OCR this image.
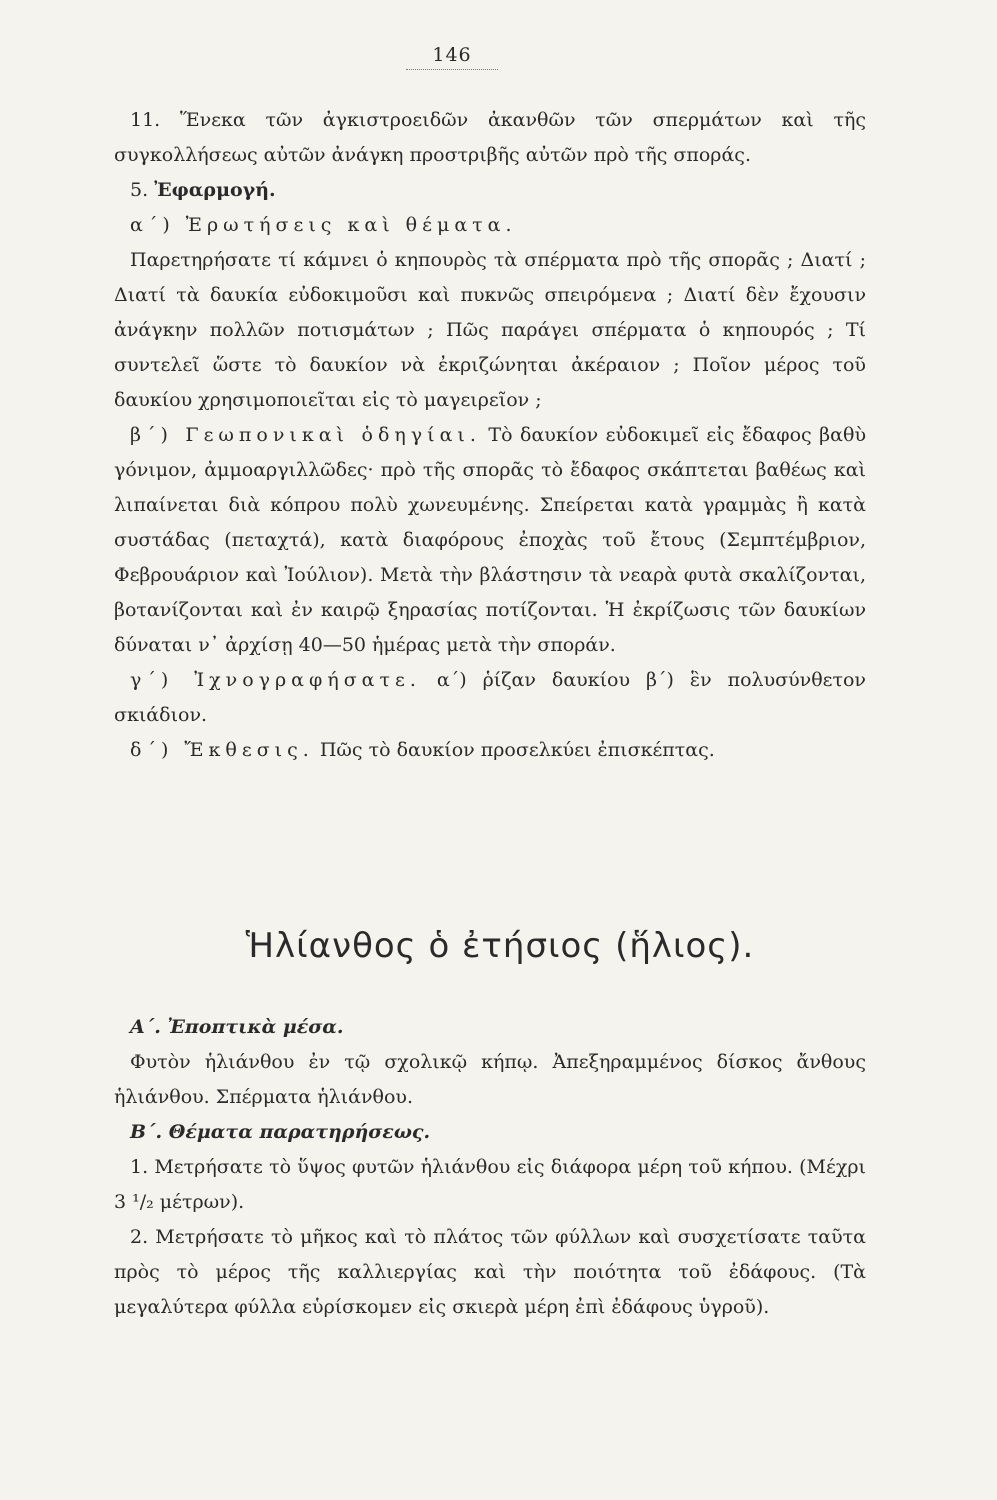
146

11. Ἕνεκα τῶν ἀγκιστροειδῶν ἀκανθῶν τῶν σπερμάτων καὶ τῆς συγκολλήσεως αὐτῶν ἀνάγκη προστριβῆς αὐτῶν πρὸ τῆς σποράς.

5. Ἐφαρμογή.

α΄) Ἐρωτήσεις καὶ θέματα.

Παρετηρήσατε τί κάμνει ὁ κηπουρὸς τὰ σπέρματα πρὸ τῆς σπορᾶς ; Διατί ; Διατί τὰ δαυκία εὐδοκιμοῦσι καὶ πυκνῶς σπειρόμενα ; Διατί δὲν ἔχουσιν ἀνάγκην πολλῶν ποτισμάτων ; Πῶς παράγει σπέρματα ὁ κηπουρός ; Τί συντελεῖ ὥστε τὸ δαυκίον νὰ ἐκριζώνηται ἀκέραιον ; Ποῖον μέρος τοῦ δαυκίου χρησιμοποιεῖται εἰς τὸ μαγειρεῖον ;

β΄) Γεωπονικαὶ ὁδηγίαι. Τὸ δαυκίον εὐδοκιμεῖ εἰς ἔδαφος βαθὺ γόνιμον, ἀμμοαργιλλῶδες· πρὸ τῆς σπορᾶς τὸ ἔδαφος σκάπτεται βαθέως καὶ λιπαίνεται διὰ κόπρου πολὺ χωνευμένης. Σπείρεται κατὰ γραμμὰς ἢ κατὰ συστάδας (πεταχτά), κατὰ διαφόρους ἐποχὰς τοῦ ἔτους (Σεμπτέμβριον, Φεβρουάριον καὶ Ἰούλιον). Μετὰ τὴν βλάστησιν τὰ νεαρὰ φυτὰ σκαλίζονται, βοτανίζονται καὶ ἐν καιρῷ ξηρασίας ποτίζονται. Ἡ ἐκρίζωσις τῶν δαυκίων δύναται ν᾿ ἀρχίσῃ 40—50 ἡμέρας μετὰ τὴν σποράν.

γ΄) Ἰχνογραφήσατε. α΄) ῥίζαν δαυκίου β΄) ἓν πολυσύνθετον σκιάδιον.

δ΄) Ἔκθεσις. Πῶς τὸ δαυκίον προσελκύει ἐπισκέπτας.

Ἡλίανθος ὁ ἐτήσιος (ἥλιος).

Α΄. Ἐποπτικὰ μέσα.

Φυτὸν ἡλιάνθου ἐν τῷ σχολικῷ κήπῳ. Ἀπεξηραμμένος δίσκος ἄνθους ἡλιάνθου. Σπέρματα ἡλιάνθου.

Β΄. Θέματα παρατηρήσεως.

1. Μετρήσατε τὸ ὕψος φυτῶν ἡλιάνθου εἰς διάφορα μέρη τοῦ κήπου. (Μέχρι 3 ¹/₂ μέτρων).

2. Μετρήσατε τὸ μῆκος καὶ τὸ πλάτος τῶν φύλλων καὶ συσχετίσατε ταῦτα πρὸς τὸ μέρος τῆς καλλιεργίας καὶ τὴν ποιότητα τοῦ ἐδάφους. (Τὰ μεγαλύτερα φύλλα εὑρίσκομεν εἰς σκιερὰ μέρη ἐπὶ ἐδάφους ὑγροῦ).
